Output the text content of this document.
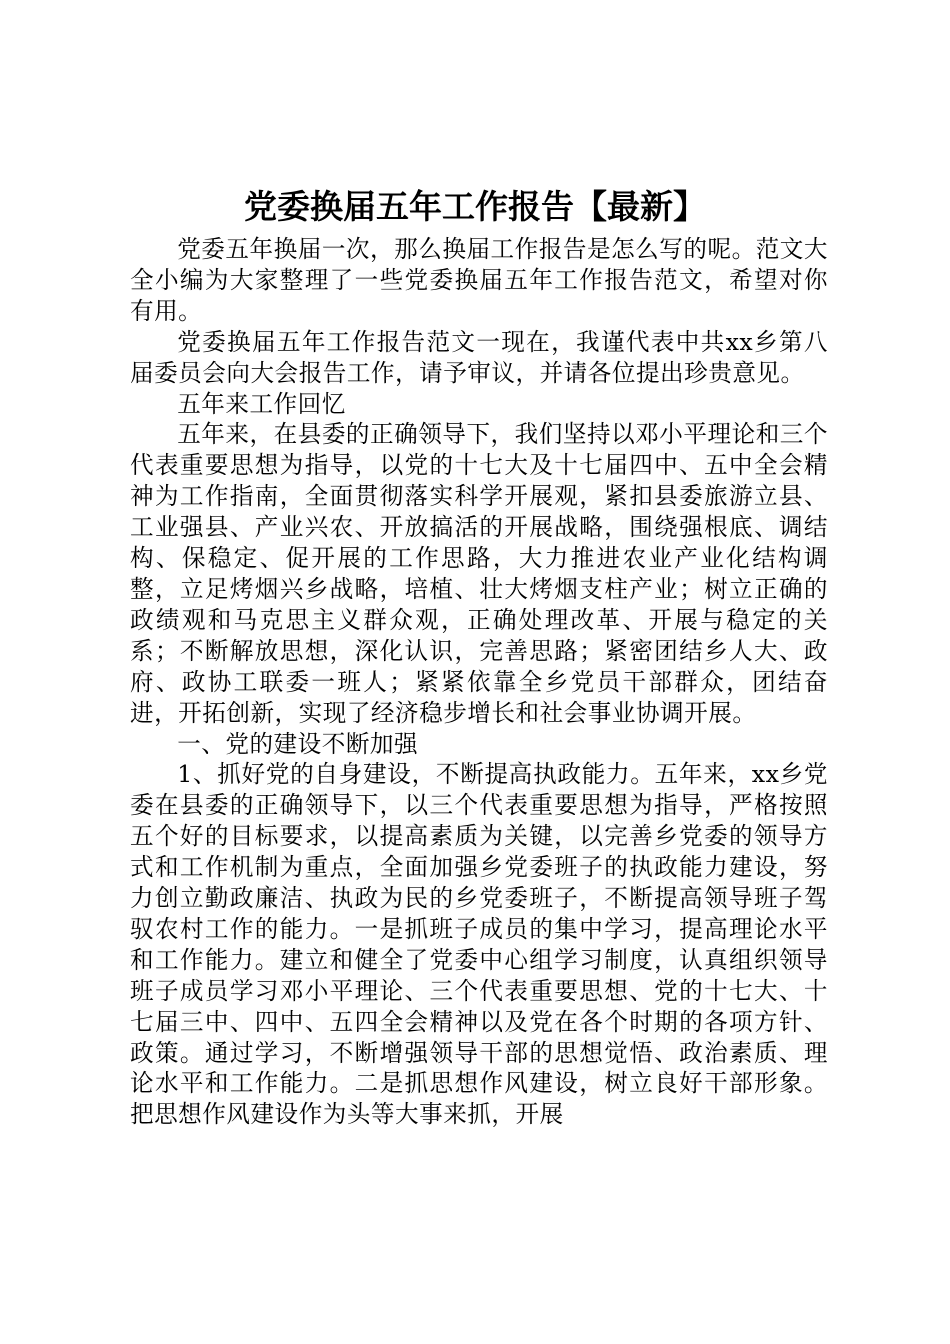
党委换届五年工作报告【最新】

党委五年换届一次，那么换届工作报告是怎么写的呢。范文大全小编为大家整理了一些党委换届五年工作报告范文，希望对你有用。

党委换届五年工作报告范文一现在，我谨代表中共xx乡第八届委员会向大会报告工作，请予审议，并请各位提出珍贵意见。

五年来工作回忆

五年来，在县委的正确领导下，我们坚持以邓小平理论和三个代表重要思想为指导，以党的十七大及十七届四中、五中全会精神为工作指南，全面贯彻落实科学开展观，紧扣县委旅游立县、工业强县、产业兴农、开放搞活的开展战略，围绕强根底、调结构、保稳定、促开展的工作思路，大力推进农业产业化结构调整，立足烤烟兴乡战略，培植、壮大烤烟支柱产业；树立正确的政绩观和马克思主义群众观，正确处理改革、开展与稳定的关系；不断解放思想，深化认识，完善思路；紧密团结乡人大、政府、政协工联委一班人；紧紧依靠全乡党员干部群众，团结奋进，开拓创新，实现了经济稳步增长和社会事业协调开展。

一、党的建设不断加强

1、抓好党的自身建设，不断提高执政能力。五年来，xx乡党委在县委的正确领导下，以三个代表重要思想为指导，严格按照五个好的目标要求，以提高素质为关键，以完善乡党委的领导方式和工作机制为重点，全面加强乡党委班子的执政能力建设，努力创立勤政廉洁、执政为民的乡党委班子，不断提高领导班子驾驭农村工作的能力。一是抓班子成员的集中学习，提高理论水平和工作能力。建立和健全了党委中心组学习制度，认真组织领导班子成员学习邓小平理论、三个代表重要思想、党的十七大、十七届三中、四中、五四全会精神以及党在各个时期的各项方针、政策。通过学习，不断增强领导干部的思想觉悟、政治素质、理论水平和工作能力。二是抓思想作风建设，树立良好干部形象。把思想作风建设作为头等大事来抓，开展
